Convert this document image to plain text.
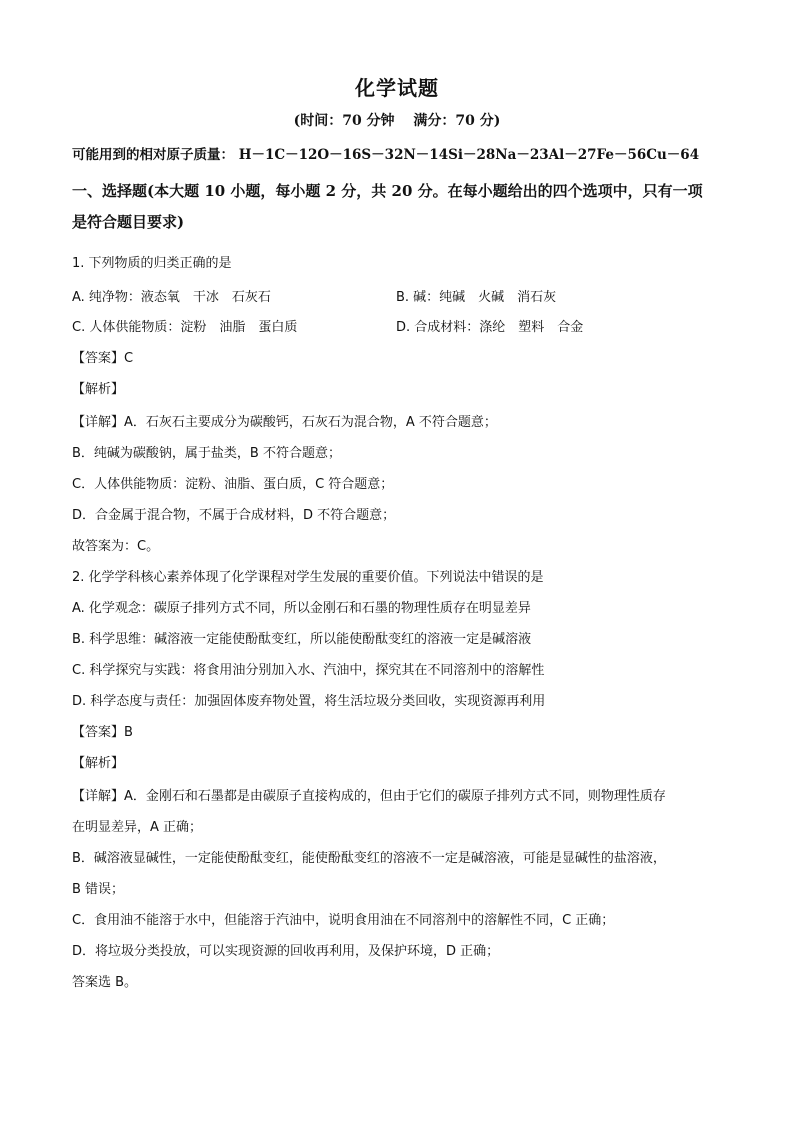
化学试题
(时间：70 分钟　 满分：70 分)
可能用到的相对原子质量： H－1C－12O－16S－32N－14Si－28Na－23Al－27Fe－56Cu－64
一、选择题(本大题 10 小题，每小题 2 分，共 20 分。在每小题给出的四个选项中，只有一项
是符合题目要求)
1. 下列物质的归类正确的是
A. 纯净物：液态氧　干冰　石灰石	B. 碱：纯碱　火碱　消石灰
C. 人体供能物质：淀粉　油脂　蛋白质	D. 合成材料：涤纶　塑料　合金
【答案】C
【解析】
【详解】A．石灰石主要成分为碳酸钙，石灰石为混合物，A 不符合题意；
B．纯碱为碳酸钠，属于盐类，B 不符合题意；
C．人体供能物质：淀粉、油脂、蛋白质，C 符合题意；
D．合金属于混合物，不属于合成材料，D 不符合题意；
故答案为：C。
2. 化学学科核心素养体现了化学课程对学生发展的重要价值。下列说法中错误的是
A. 化学观念：碳原子排列方式不同，所以金刚石和石墨的物理性质存在明显差异
B. 科学思维：碱溶液一定能使酚酞变红，所以能使酚酞变红的溶液一定是碱溶液
C. 科学探究与实践：将食用油分别加入水、汽油中，探究其在不同溶剂中的溶解性
D. 科学态度与责任：加强固体废弃物处置，将生活垃圾分类回收，实现资源再利用
【答案】B
【解析】
【详解】A．金刚石和石墨都是由碳原子直接构成的，但由于它们的碳原子排列方式不同，则物理性质存
在明显差异，A 正确；
B．碱溶液显碱性，一定能使酚酞变红，能使酚酞变红的溶液不一定是碱溶液，可能是显碱性的盐溶液，
B 错误；
C．食用油不能溶于水中，但能溶于汽油中，说明食用油在不同溶剂中的溶解性不同，C 正确；
D．将垃圾分类投放，可以实现资源的回收再利用，及保护环境，D 正确；
答案选 B。
